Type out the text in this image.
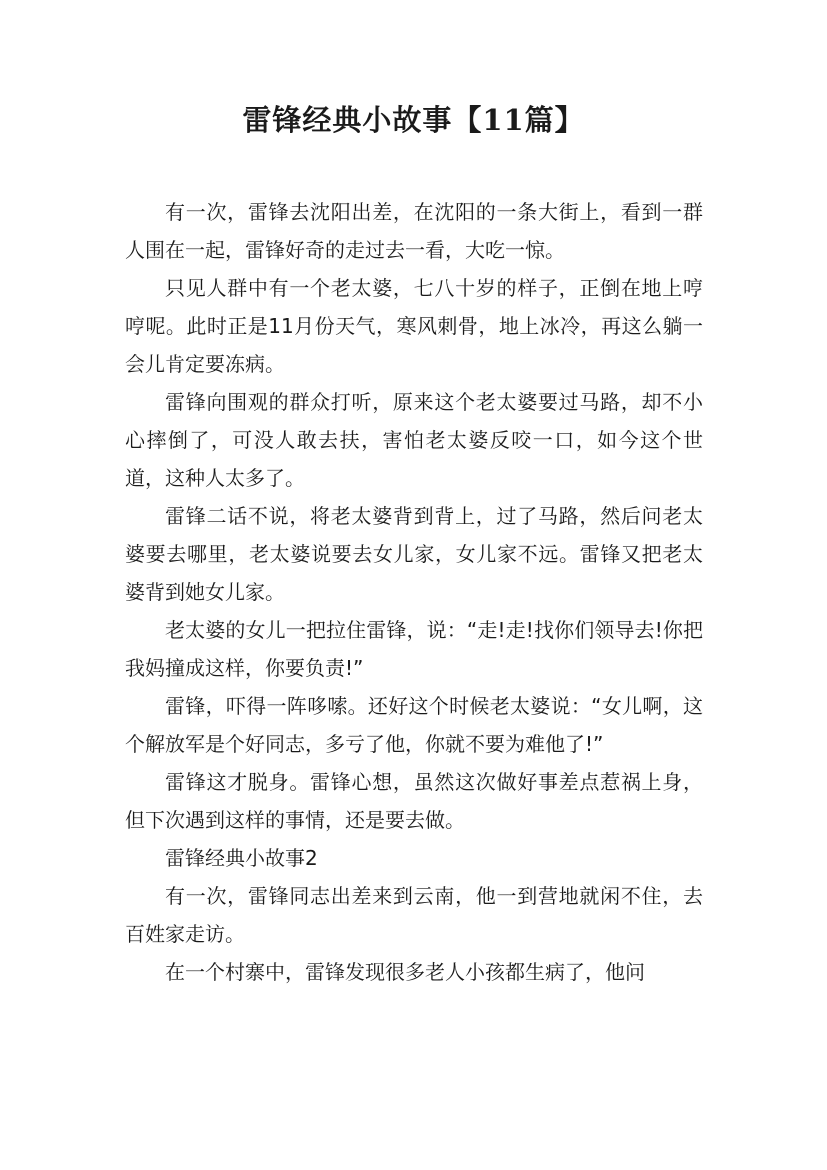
雷锋经典小故事【11篇】

有一次，雷锋去沈阳出差，在沈阳的一条大街上，看到一群人围在一起，雷锋好奇的走过去一看，大吃一惊。

只见人群中有一个老太婆，七八十岁的样子，正倒在地上哼哼呢。此时正是11月份天气，寒风刺骨，地上冰冷，再这么躺一会儿肯定要冻病。

雷锋向围观的群众打听，原来这个老太婆要过马路，却不小心摔倒了，可没人敢去扶，害怕老太婆反咬一口，如今这个世道，这种人太多了。

雷锋二话不说，将老太婆背到背上，过了马路，然后问老太婆要去哪里，老太婆说要去女儿家，女儿家不远。雷锋又把老太婆背到她女儿家。

老太婆的女儿一把拉住雷锋，说：“走!走!找你们领导去!你把我妈撞成这样，你要负责!”

雷锋，吓得一阵哆嗦。还好这个时候老太婆说：“女儿啊，这个解放军是个好同志，多亏了他，你就不要为难他了!”

雷锋这才脱身。雷锋心想，虽然这次做好事差点惹祸上身，但下次遇到这样的事情，还是要去做。

雷锋经典小故事2

有一次，雷锋同志出差来到云南，他一到营地就闲不住，去百姓家走访。

在一个村寨中，雷锋发现很多老人小孩都生病了，他问
